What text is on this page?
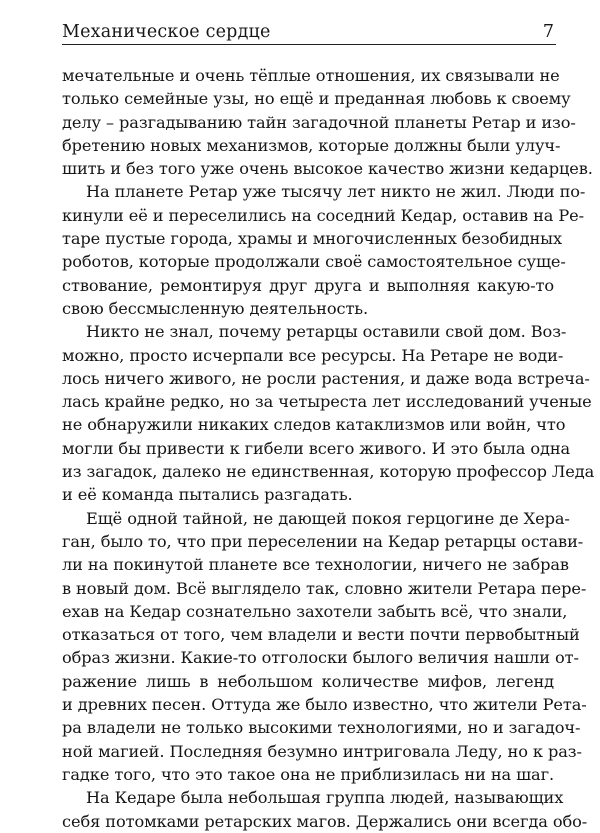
Механическое сердце	7
мечательные и очень тёплые отношения, их связывали не
только семейные узы, но ещё и преданная любовь к своему
делу – разгадыванию тайн загадочной планеты Ретар и изо-
бретению новых механизмов, которые должны были улуч-
шить и без того уже очень высокое качество жизни кедарцев.
На планете Ретар уже тысячу лет никто не жил. Люди по-
кинули её и переселились на соседний Кедар, оставив на Ре-
таре пустые города, храмы и многочисленных безобидных
роботов, которые продолжали своё самостоятельное суще-
ствование, ремонтируя друг друга и выполняя какую-то
свою бессмысленную деятельность.
Никто не знал, почему ретарцы оставили свой дом. Воз-
можно, просто исчерпали все ресурсы. На Ретаре не води-
лось ничего живого, не росли растения, и даже вода встреча-
лась крайне редко, но за четыреста лет исследований ученые
не обнаружили никаких следов катаклизмов или войн, что
могли бы привести к гибели всего живого. И это была одна
из загадок, далеко не единственная, которую профессор Леда
и её команда пытались разгадать.
Ещё одной тайной, не дающей покоя герцогине де Хера-
ган, было то, что при переселении на Кедар ретарцы остави-
ли на покинутой планете все технологии, ничего не забрав
в новый дом. Всё выглядело так, словно жители Ретара пере-
ехав на Кедар сознательно захотели забыть всё, что знали,
отказаться от того, чем владели и вести почти первобытный
образ жизни. Какие-то отголоски былого величия нашли от-
ражение лишь в небольшом количестве мифов, легенд
и древних песен. Оттуда же было известно, что жители Рета-
ра владели не только высокими технологиями, но и загадоч-
ной магией. Последняя безумно интриговала Леду, но к раз-
гадке того, что это такое она не приблизилась ни на шаг.
На Кедаре была небольшая группа людей, называющих
себя потомками ретарских магов. Держались они всегда обо-
